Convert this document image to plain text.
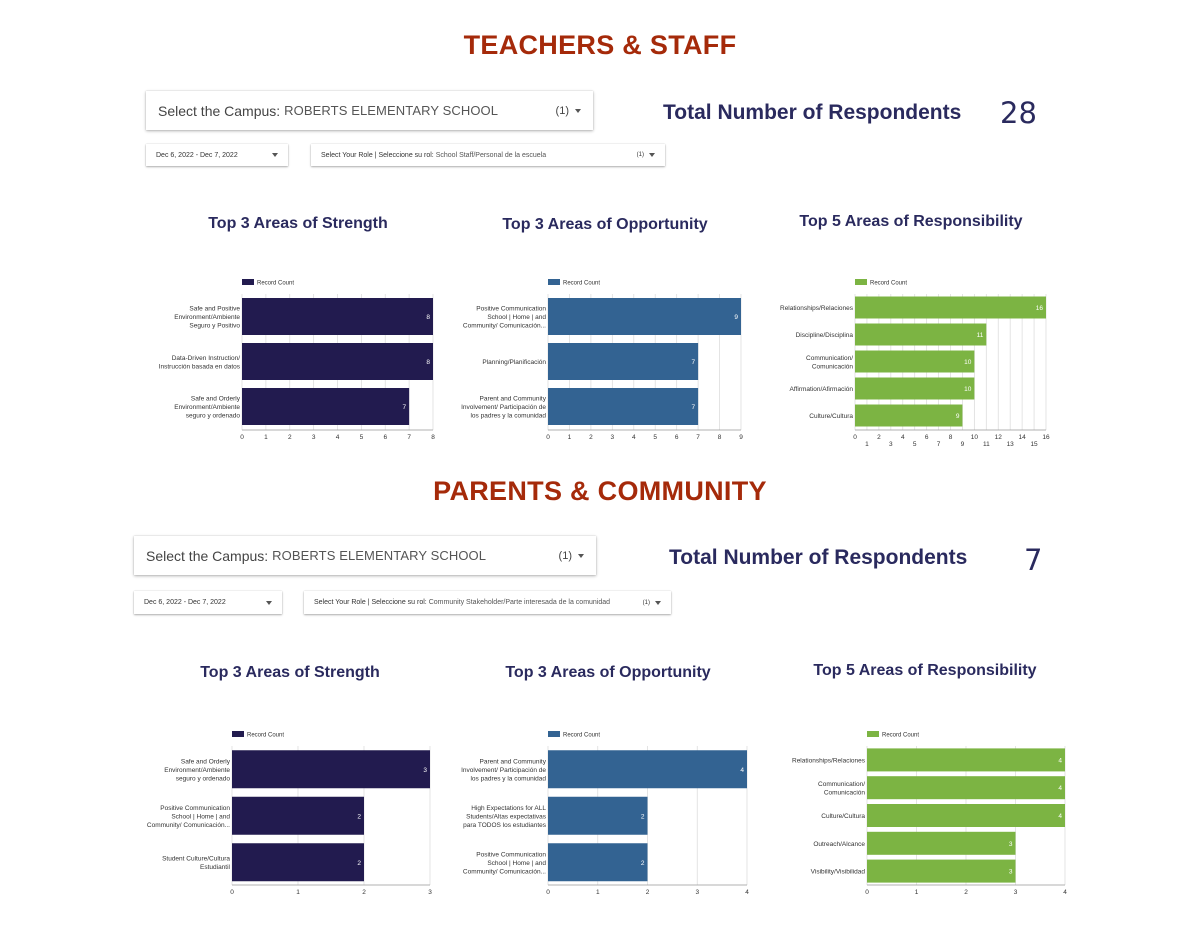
TEACHERS & STAFF
Select the Campus: ROBERTS ELEMENTARY SCHOOL	(1)	Total Number of Respondents 28
Dec 6, 2022 - Dec 7, 2022	Select Your Role | Seleccione su rol: School Staff/Personal de la escuela	(1)
Top 3 Areas of Strength	Top 3 Areas of Opportunity	Top 5 Areas of Responsibility
Record Count
8
Safe and Positive
Environment/Ambiente
Seguro y Positivo
8
Data-Driven Instruction/
Instrucción basada en datos
7
Safe and Orderly
Environment/Ambiente
seguro y ordenado
0	1	2	3	4	5	6	7	8
Record Count
9
Positive Communication
School | Home | and
Community/ Comunicación...
7
Planning/Planificación
7
Parent and Community
Involvement/ Participación de
los padres y la comunidad
0	1	2	3	4	5	6	7	8	9
Record Count
16
Relationships/Relaciones
11
Discipline/Disciplina
10
Communication/
Comunicación
10
Affirmation/Afirmación
9
Culture/Cultura
0	2	4	6	8	10	12	14	16
1	3	5	7	9	11	13	15
PARENTS & COMMUNITY
Select the Campus: ROBERTS ELEMENTARY SCHOOL	(1)	Total Number of Respondents 7
Dec 6, 2022 - Dec 7, 2022	Select Your Role | Seleccione su rol: Community Stakeholder/Parte interesada de la comunidad	(1)
Top 3 Areas of Strength	Top 3 Areas of Opportunity	Top 5 Areas of Responsibility
Record Count
3
Safe and Orderly
Environment/Ambiente
seguro y ordenado
2
Positive Communication
School | Home | and
Community/ Comunicación...
2
Student Culture/Cultura
Estudiantil
0	1	2	3
Record Count
4
Parent and Community
Involvement/ Participación de
los padres y la comunidad
2
High Expectations for ALL
Students/Altas expectativas
para TODOS los estudiantes
2
Positive Communication
School | Home | and
Community/ Comunicación...
0	1	2	3	4
Record Count
4
Relationships/Relaciones
4
Communication/
Comunicación
4
Culture/Cultura
3
Outreach/Alcance
3
Visibility/Visibilidad
0	1	2	3	4
